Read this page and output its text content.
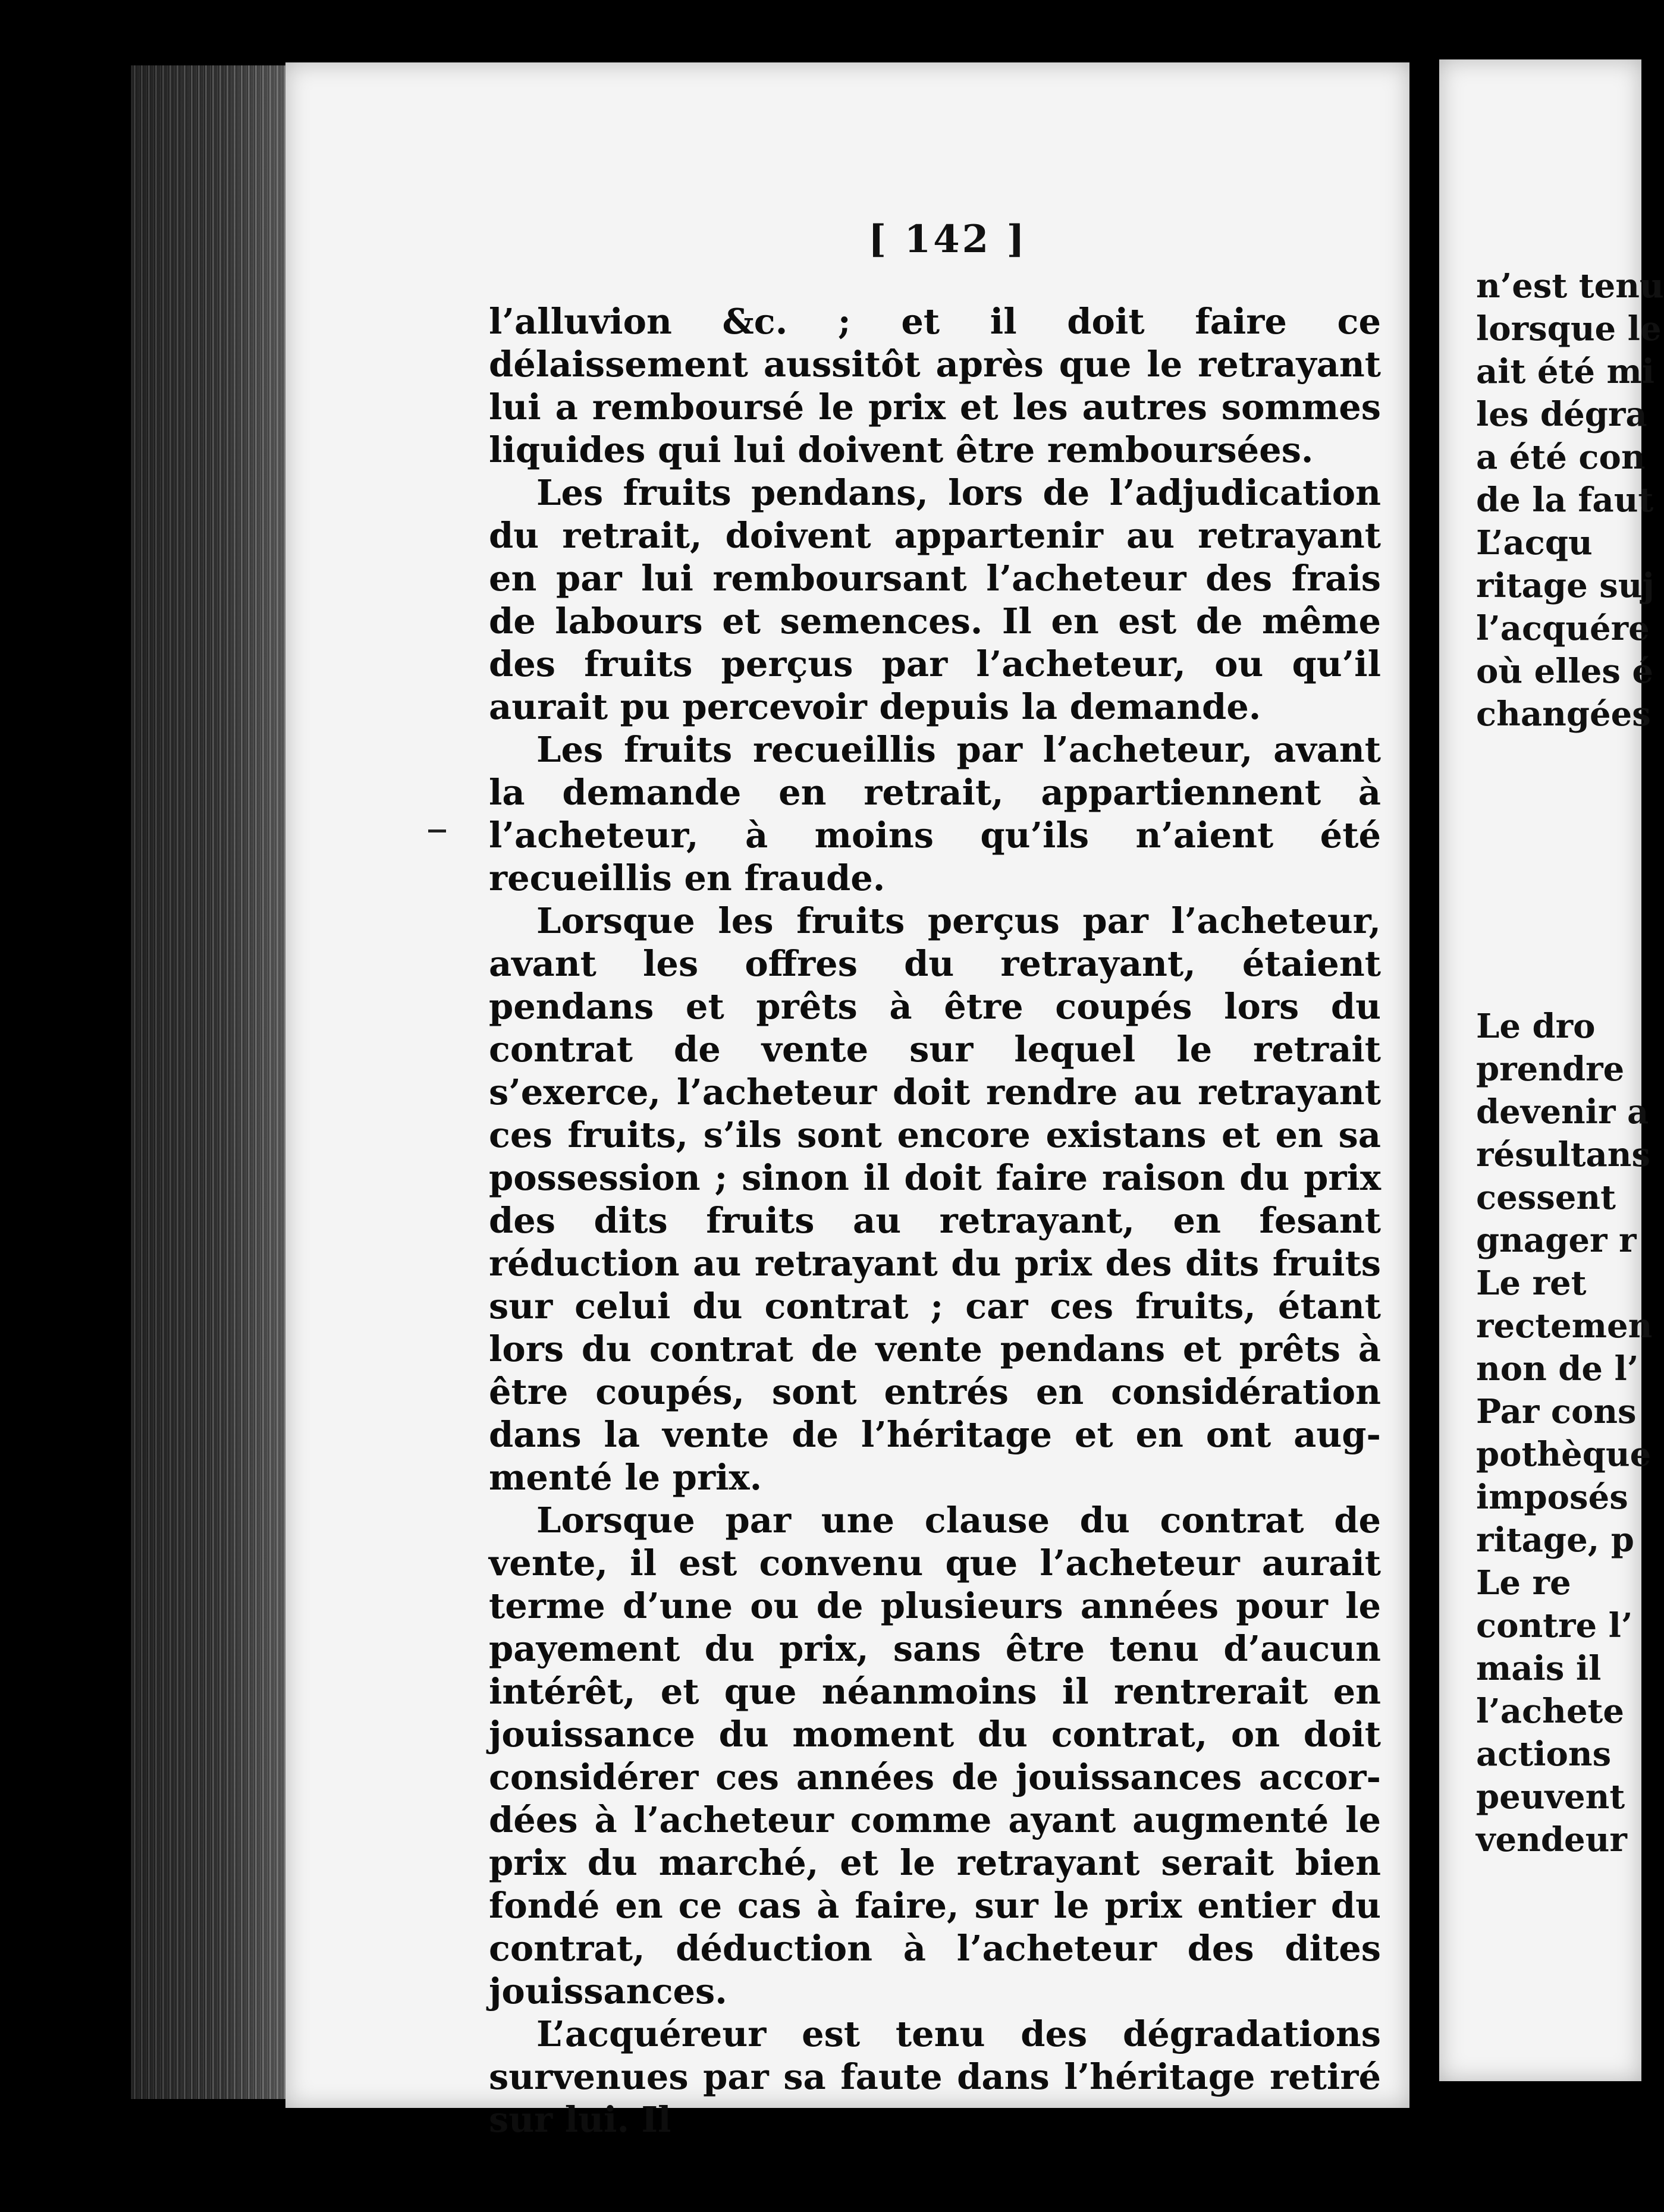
[ 142 ]

l’alluvion &c. ; et il doit faire ce délaissement aussitôt après que le retrayant lui a remboursé le prix et les autres sommes liquides qui lui doivent être remboursées.

Les fruits pendans, lors de l’adjudication du retrait, doivent appartenir au retrayant en par lui remboursant l’acheteur des frais de labours et semences. Il en est de même des fruits perçus par l’acheteur, ou qu’il aurait pu percevoir depuis la demande.

Les fruits recueillis par l’acheteur, avant la demande en retrait, appartiennent à l’acheteur, à moins qu’ils n’aient été recueillis en fraude.

Lorsque les fruits perçus par l’acheteur, avant les offres du retrayant, étaient pendans et prêts à être coupés lors du contrat de vente sur lequel le retrait s’exerce, l’acheteur doit rendre au retrayant ces fruits, s’ils sont encore existans et en sa possession ; sinon il doit faire raison du prix des dits fruits au retrayant, en fesant réduction au retrayant du prix des dits fruits sur celui du contrat ; car ces fruits, étant lors du contrat de vente pendans et prêts à être coupés, sont entrés en considération dans la vente de l’héritage et en ont augmenté le prix.

Lorsque par une clause du contrat de vente, il est convenu que l’acheteur aurait terme d’une ou de plusieurs années pour le payement du prix, sans être tenu d’aucun intérêt, et que néanmoins il rentrerait en jouissance du moment du contrat, on doit considérer ces années de jouissances accordées à l’acheteur comme ayant augmenté le prix du marché, et le retrayant serait bien fondé en ce cas à faire, sur le prix entier du contrat, déduction à l’acheteur des dites jouissances.

L’acquéreur est tenu des dégradations survenues par sa faute dans l’héritage retiré sur lui. Il

n’est tenu
lorsque le
ait été mi
les dégra
a été con
de la faut
L’acqu
ritage suj
l’acquére
où elles é
changées
Le dro
prendre
devenir a
résultans
cessent
gnager r
Le ret
rectemen
non de l’
Par cons
pothèque
imposés
ritage, p
Le re
contre l’
mais il
l’achete
actions
peuvent
vendeur
